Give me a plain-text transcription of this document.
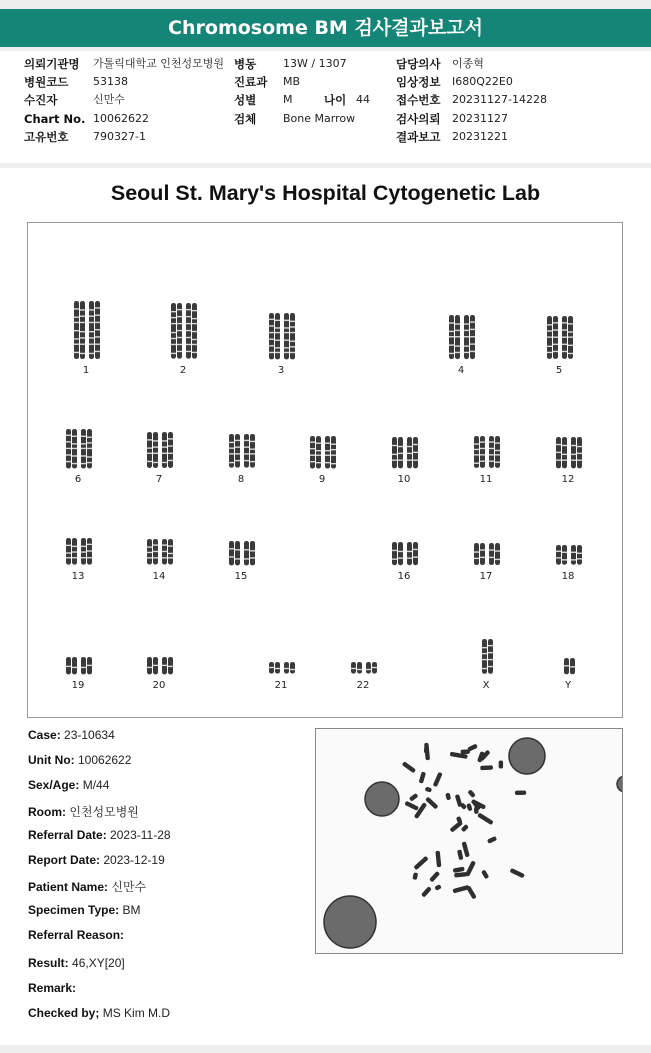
Chromosome BM 검사결과보고서
의뢰기관명 가톨릭대학교 인천성모병원
병원코드 53138
수진자	신만수
Chart No. 10062622
고유번호 790327-1
병동 13W / 1307
진료과 MB
성별 M
검체 Bone Marrow
담당의사 이종혁
임상정보 I680Q22E0
접수번호 20231127-14228
검사의뢰 20231127
결과보고 20231221
나이 44
Seoul St. Mary's Hospital Cytogenetic Lab
1	2	3	4	5
6	7	8	9	10	11	12
13	14	15	16	17	18
19	20	21	22	X	Y
Case: 23-10634
Unit No: 10062622
Sex/Age: M/44
Room: 인천성모병원
Referral Date: 2023-11-28
Report Date: 2023-12-19
Patient Name: 신만수
Specimen Type: BM
Referral Reason:
Result: 46,XY[20]
Remark:
Checked by; MS Kim M.D
